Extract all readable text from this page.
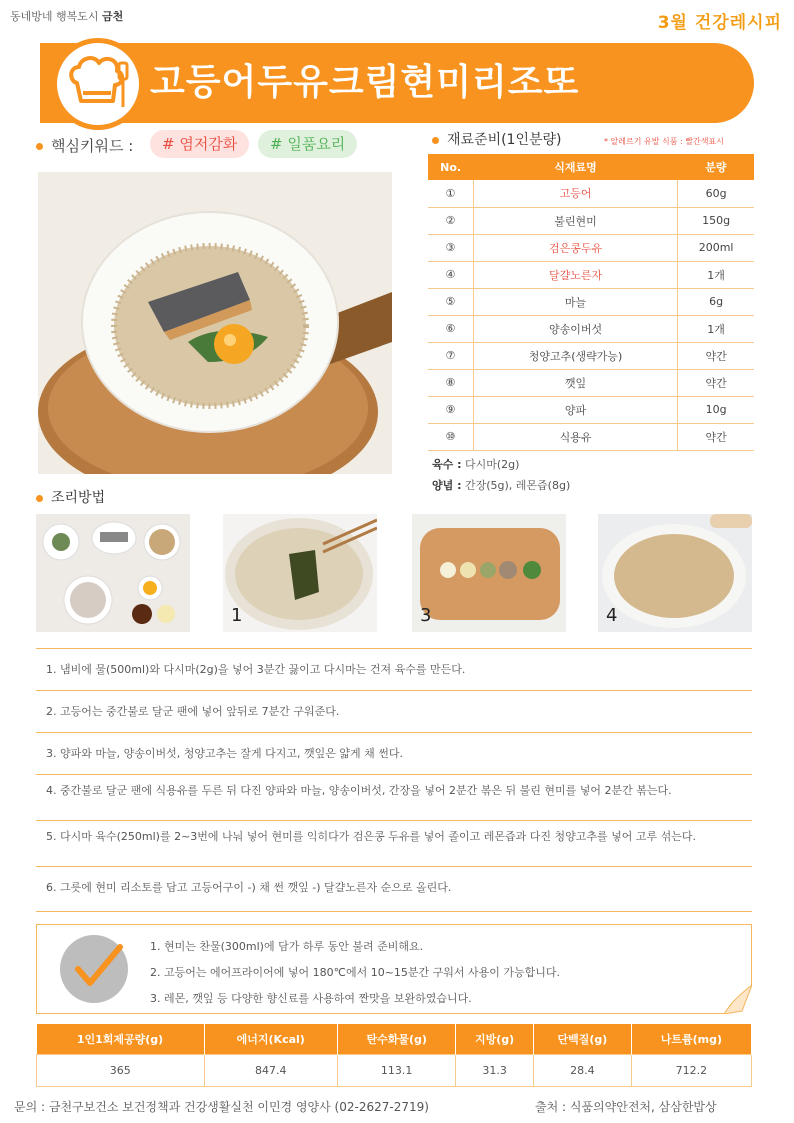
동네방네 행복도시 금천	3월 건강레시피
고등어두유크림현미리조또
핵심키워드 :	# 염저감화	# 일품요리	재료준비(1인분량)	* 알레르기 유발 식품 : 빨간색표시
No.	식재료명	분량
①	고등어	60g
②	불린현미	150g
③	검은콩두유	200ml
④	달걀노른자	1개
⑤	마늘	6g
⑥	양송이버섯	1개
⑦	청양고추(생략가능)	약간
⑧	깻잎	약간
⑨	양파	10g
⑩	식용유	약간
육수 : 다시마(2g)
양념 : 간장(5g), 레몬즙(8g)
조리방법
1	3	4
1. 냄비에 물(500ml)와 다시마(2g)을 넣어 3분간 끓이고 다시마는 건져 육수를 만든다.
2. 고등어는 중간불로 달군 팬에 넣어 앞뒤로 7분간 구워준다.
3. 양파와 마늘, 양송이버섯, 청양고추는 잘게 다지고, 깻잎은 얇게 채 썬다.
4. 중간불로 달군 팬에 식용유를 두른 뒤 다진 양파와 마늘, 양송이버섯, 간장을 넣어 2분간 볶은 뒤 불린 현미를 넣어 2분간 볶는다.
5. 다시마 육수(250ml)를 2~3번에 나눠 넣어 현미를 익히다가 검은콩 두유를 넣어 졸이고 레몬즙과 다진 청양고추를 넣어 고루 섞는다.
6. 그릇에 현미 리소토를 담고 고등어구이 -) 채 썬 깻잎 -) 달걀노른자 순으로 올린다.
1. 현미는 찬물(300ml)에 담가 하루 동안 불려 준비해요.
2. 고등어는 에어프라이어에 넣어 180℃에서 10~15분간 구워서 사용이 가능합니다.
3. 레몬, 깻잎 등 다양한 향신료를 사용하여 짠맛을 보완하였습니다.
1인1회제공량(g)	에너지(Kcal)	탄수화물(g)	지방(g)	단백질(g)	나트륨(mg)
365	847.4	113.1	31.3	28.4	712.2
문의 : 금천구보건소 보건정책과 건강생활실천 이민경 영양사 (02-2627-2719)	출처 : 식품의약안전처, 삼삼한밥상
